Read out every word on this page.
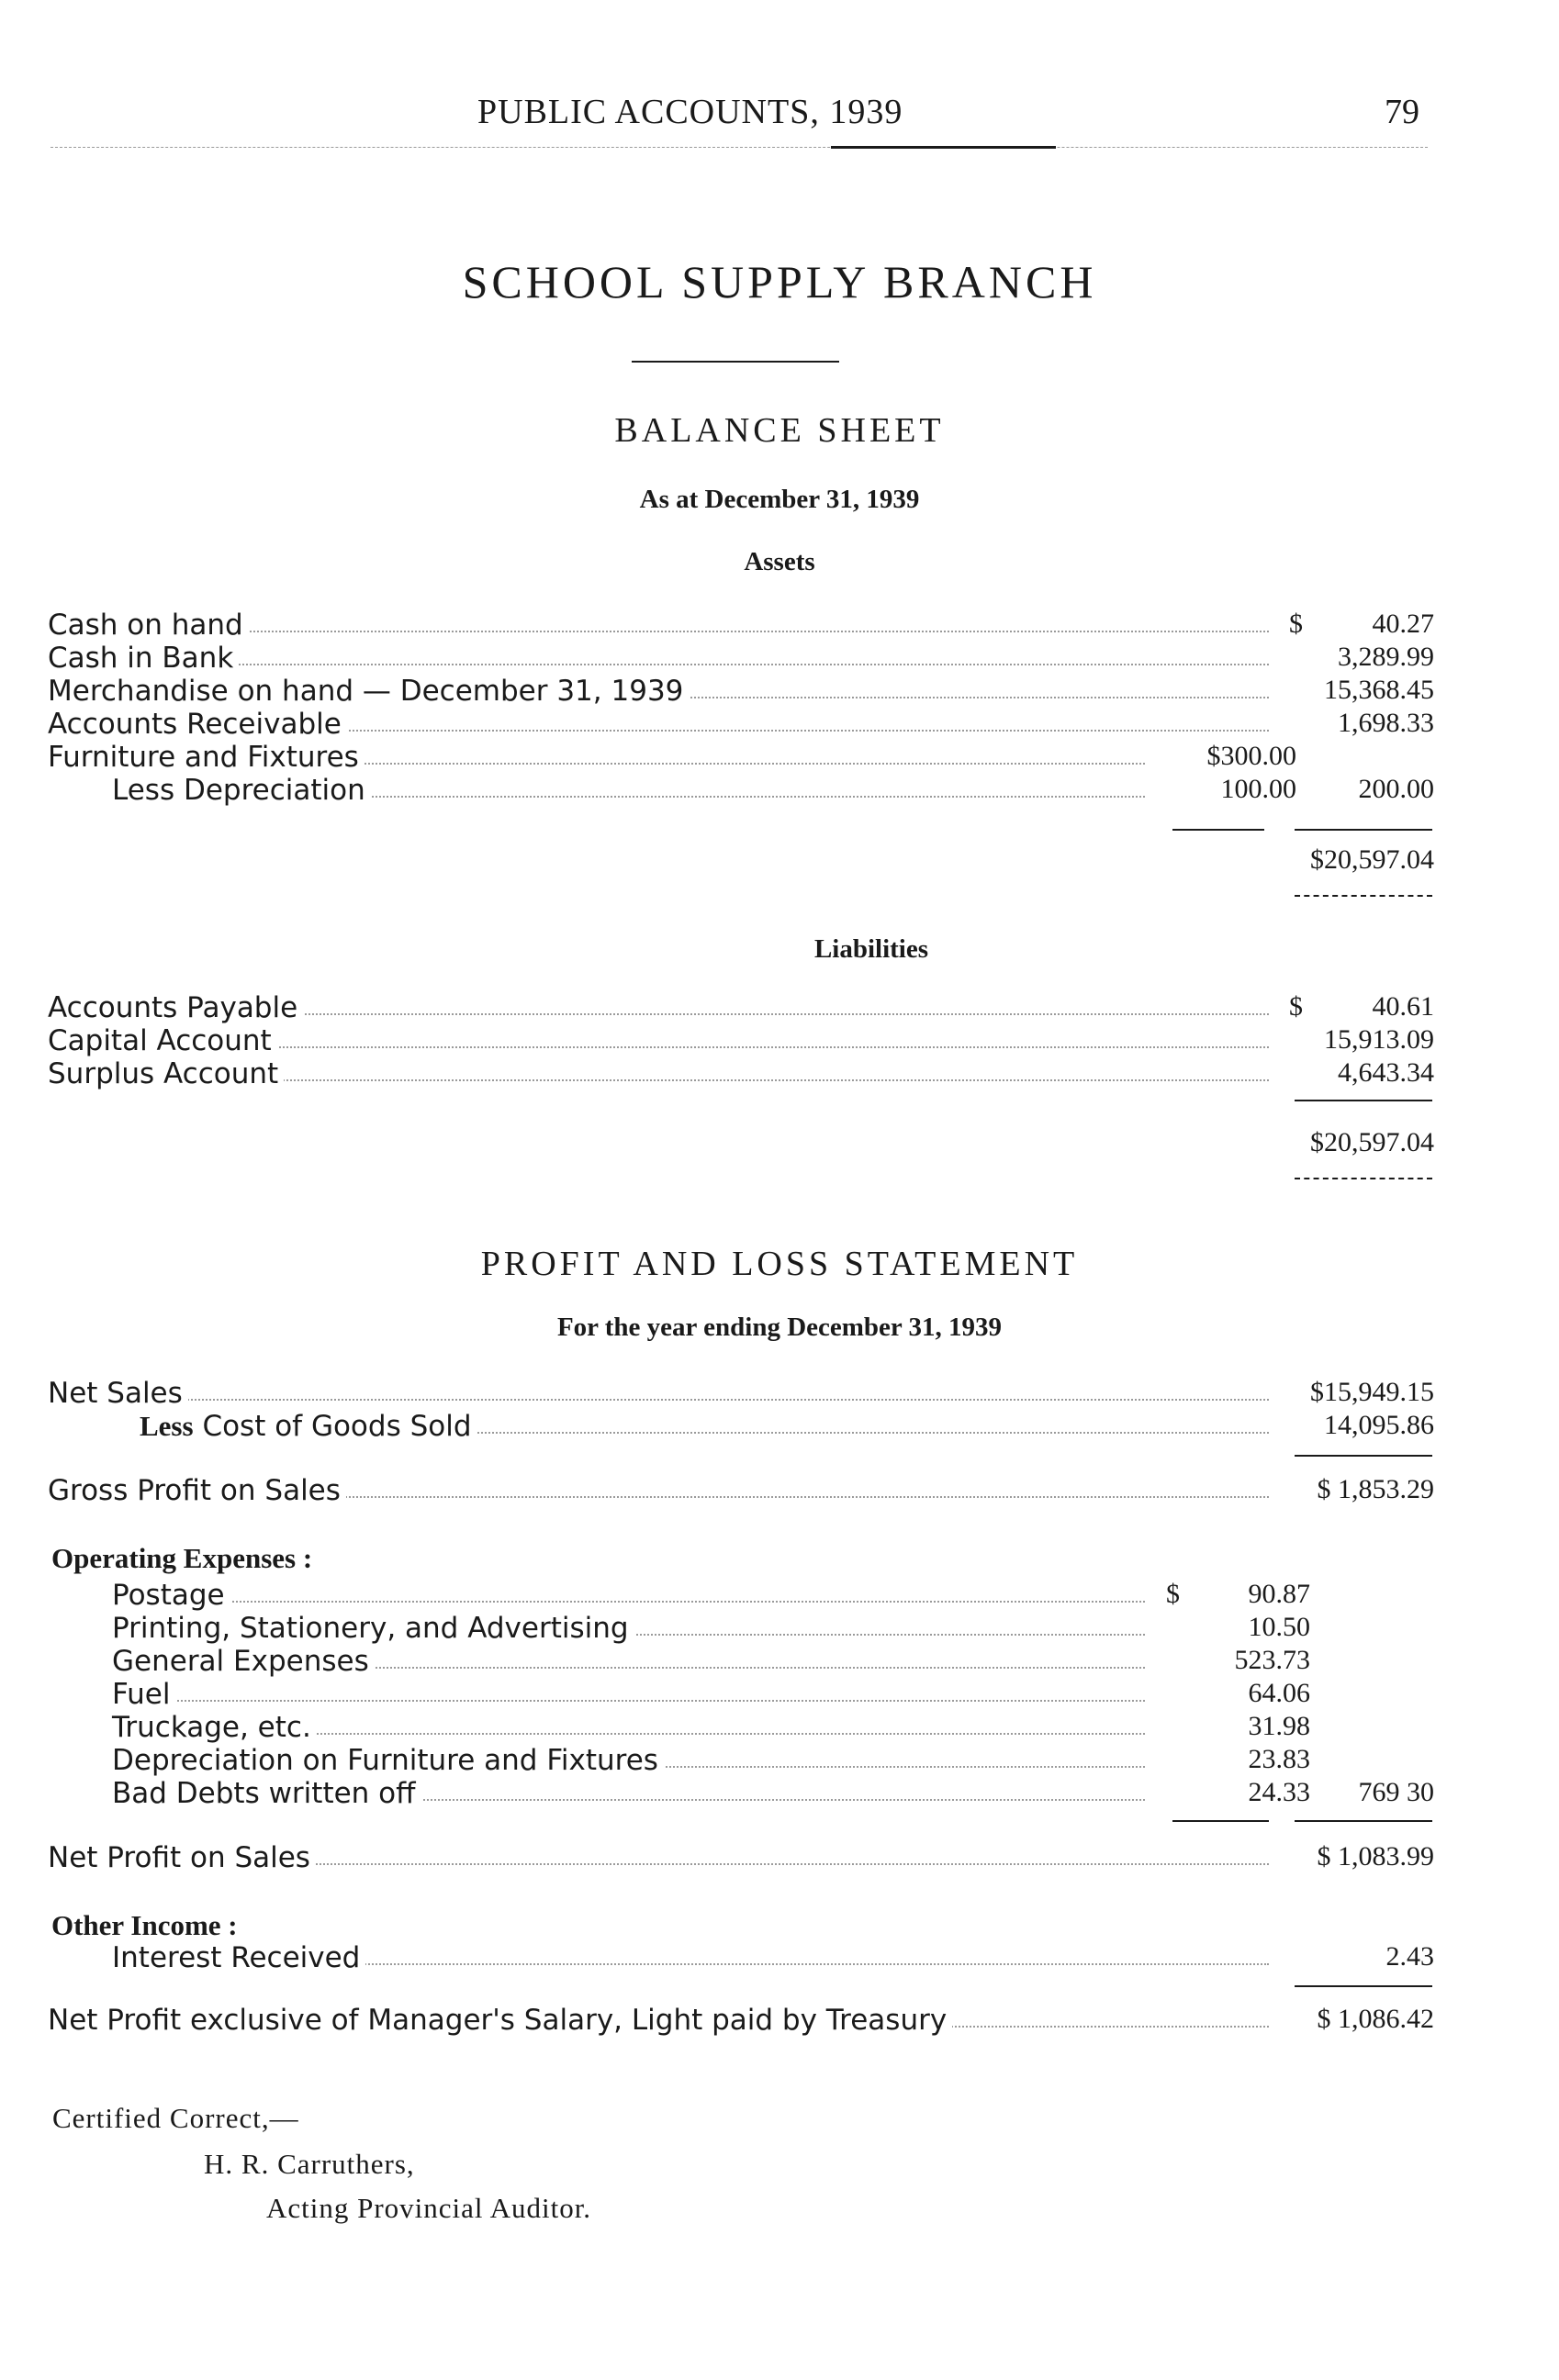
PUBLIC ACCOUNTS, 1939	79
SCHOOL SUPPLY BRANCH
BALANCE SHEET
As at December 31, 1939
Assets
Cash on hand	$	40.27
Cash in Bank	3,289.99
Merchandise on hand — December 31, 1939	15,368.45
Accounts Receivable	1,698.33
Furniture and Fixtures	$300.00
Less Depreciation	100.00	200.00
$20,597.04
Liabilities
Accounts Payable	$	40.61
Capital Account	15,913.09
Surplus Account	4,643.34
$20,597.04
PROFIT AND LOSS STATEMENT
For the year ending December 31, 1939
Net Sales	$15,949.15
Less Cost of Goods Sold	14,095.86
Gross Profit on Sales	$ 1,853.29
Operating Expenses :
Postage	$	90.87
Printing, Stationery, and Advertising	10.50
General Expenses	523.73
Fuel	64.06
Truckage, etc.	31.98
Depreciation on Furniture and Fixtures	23.83
Bad Debts written off	24.33	769 30
Net Profit on Sales	$ 1,083.99
Other Income :
Interest Received	2.43
Net Profit exclusive of Manager's Salary, Light paid by Treasury	$ 1,086.42
Certified Correct,—
H. R. Carruthers,
Acting Provincial Auditor.
